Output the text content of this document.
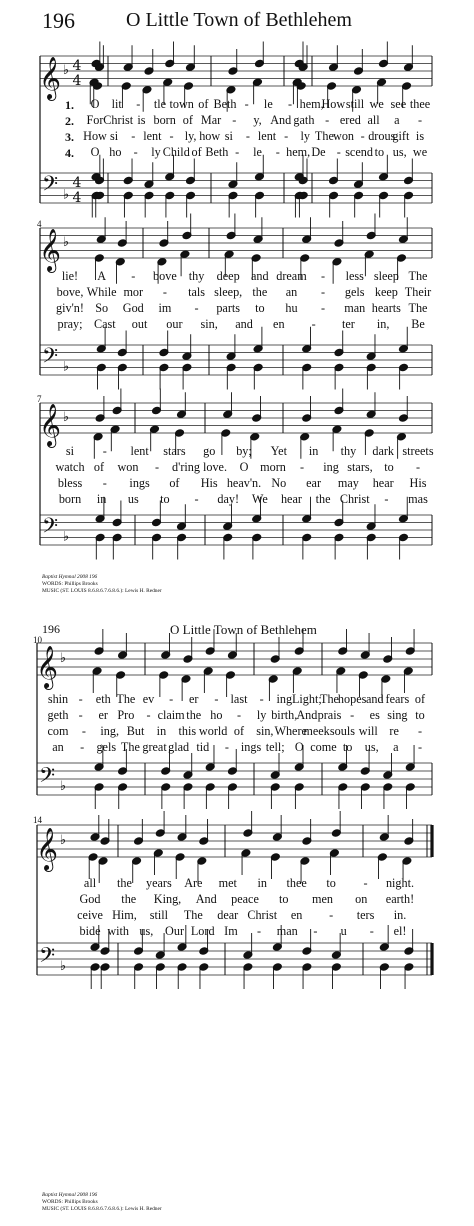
196	O Little Town of Bethlehem
𝄞
𝄢
♭
♭
4
4
4
4
𝄞
𝄢
♭
♭
𝄞
𝄢
♭
♭
𝄞
𝄢
♭
♭
𝄞
𝄢
♭
♭
4
7
1.
2.
3.
4.
O lit - tle town of Beth - le - hem,
How still we see thee
For Christ is born of Mar - y, And gath - ered all a -
How si - lent - ly, how si - lent - ly The won - drous
gift is
O ho - ly Child of Beth - le - hem, De - scend to us, we
lie! A - bove thy deep and dream - less sleep The
bove, While mor - tals sleep, the an - gels keep Their
giv'n! So God im - parts to hu - man hearts The
pray; Cast out our sin, and en - ter in, Be
si - lent stars go by; Yet in thy dark streets
watch of won - d'ring love. O morn - ing stars, to -
bless - ings of His heav'n. No ear may hear His
born in us to - day! We hear the Christ - mas
shin - eth The ev - er - last - ing Light;
The
hopes and fears of
geth - er Pro - claim the ho - ly birth, And prais - es sing to
com - ing, But in this world of sin, Where
meek souls will re -
an - gels The great glad tid - ings tell; O come to us, a -
all the years Are met in thee to - night.
God the King, And peace to men on earth!
ceive Him, still The dear Christ en - ters in.
bide with us, Our Lord Im - man - u - el!
Baptist Hymnal 2008 196
WORDS: Phillips Brooks
MUSIC (ST. LOUIS 8.6.8.6.7.6.8.6.): Lewis H. Redner
196	O Little Town of Bethlehem
10
14
Baptist Hymnal 2008 196
WORDS: Phillips Brooks
MUSIC (ST. LOUIS 8.6.8.6.7.6.8.6.): Lewis H. Redner
